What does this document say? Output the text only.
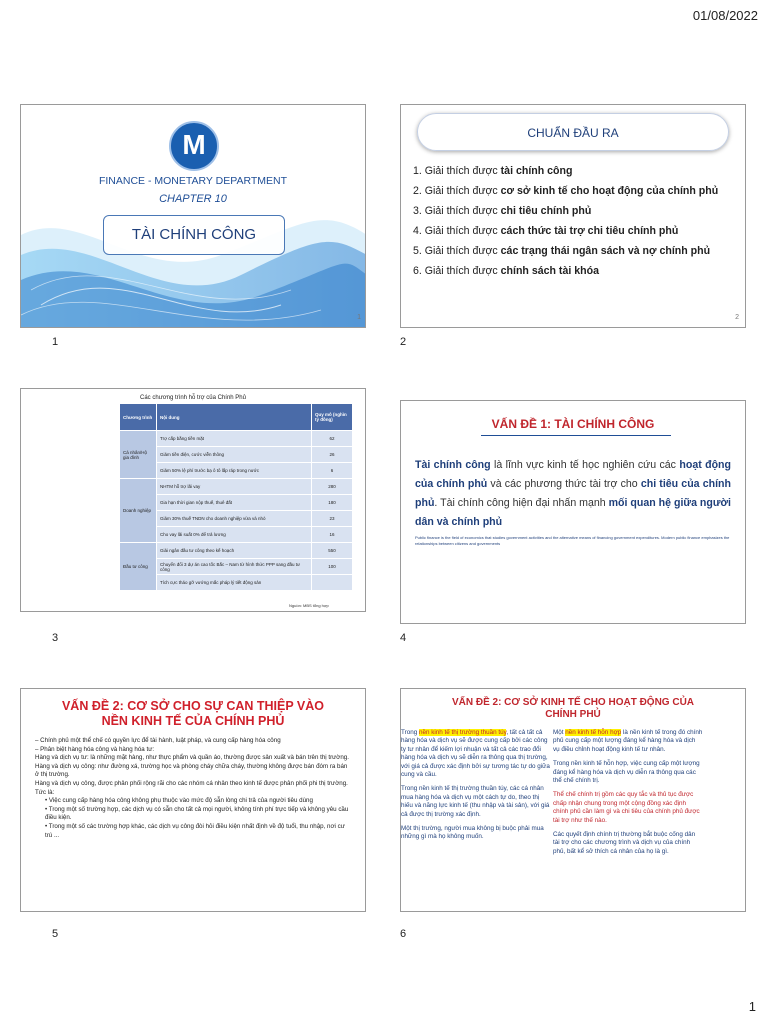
01/08/2022
M
FINANCE - MONETARY DEPARTMENT
CHAPTER 10
TÀI CHÍNH CÔNG
1
1
CHUẨN ĐẦU RA
1. Giải thích được tài chính công
2. Giải thích được cơ sở kinh tế cho hoạt động của chính phủ
3. Giải thích được chi tiêu chính phủ
4. Giải thích được cách thức tài trợ chi tiêu chính phủ
5. Giải thích được các trạng thái ngân sách và nợ chính phủ
6. Giải thích được chính sách tài khóa
2
2
Các chương trình hỗ trợ của Chính Phủ
Chương trình	Nội dung	Quy mô (nghìn tỷ đồng)
Cá nhân/Hộ gia đình	Trợ cấp bằng tiền mặt	62
	Giảm tiền điện, cước viễn thông	26
	Giảm 50% lệ phí trước bạ ô tô lắp ráp trong nước	6
Doanh nghiệp	NHTM hỗ trợ lãi vay	280
	Gia hạn thời gian nộp thuế, thuê đất	180
	Giảm 30% thuế TNDN cho doanh nghiệp vừa và nhỏ	23
	Cho vay lãi suất 0% để trả lương	16
Đầu tư công	Giải ngân đầu tư công theo kế hoạch	550
	Chuyển đổi 3 dự án cao tốc Bắc – Nam từ hình thức PPP sang đầu tư công	100
	Tích cực tháo gỡ vướng mắc pháp lý tiết động sản	
Nguồn: MBS tổng hợp
3
VẤN ĐỀ 1: TÀI CHÍNH CÔNG
Tài chính công là lĩnh vực kinh tế học nghiên cứu các hoạt động của chính phủ và các phương thức tài trợ cho chi tiêu của chính phủ. Tài chính công hiện đại nhấn mạnh mối quan hệ giữa người dân và chính phủ
Public finance is the field of economics that studies government activities and the alternative means of financing government expenditures. Modern public finance emphasizes the relationships between citizens and governments
4
VẤN ĐỀ 2: CƠ SỞ CHO SỰ CAN THIỆP VÀO
NỀN KINH TẾ CỦA CHÍNH PHỦ
– Chính phủ một thể chế có quyền lực để tài hành, luật pháp, và cung cấp hàng hóa công
– Phân biệt hàng hóa công và hàng hóa tư:
Hàng và dịch vụ tư: là những mặt hàng, như thực phẩm và quần áo, thường được sản xuất và bán trên thị trường.
Hàng và dịch vụ công: như đường xá, trường học và phòng cháy chữa cháy, thường không được bán đóm ra bán ở thị trường.
Hàng và dịch vụ công, được phân phối rộng rãi cho các nhóm cá nhân theo kinh tế được phân phối phi thị trường.
Tức là:
• Việc cung cấp hàng hóa công không phụ thuộc vào mức độ sẵn lòng chi trả của người tiêu dùng
• Trong một số trường hợp, các dịch vụ có sẵn cho tất cả mọi người, không tính phí trực tiếp và không yêu cầu điều kiện.
• Trong một số các trường hợp khác, các dịch vụ công đòi hỏi điều kiện nhất định về độ tuổi, thu nhập, nơi cư trú ...
5
VẤN ĐỀ 2: CƠ SỞ KINH TẾ CHO HOẠT ĐỘNG CỦA
CHÍNH PHỦ

Trong nền kinh tế thị trường thuần túy, tất cả tất cả hàng hóa và dịch vụ sẽ được cung cấp bởi các công ty tư nhân để kiếm lợi nhuận và tất cả các trao đổi hàng hóa và dịch vụ sẽ diễn ra thông qua thị trường, với giá cả được xác định bởi sự tương tác tự do giữa cung và cầu.

Trong nền kinh tế thị trường thuần túy, các cá nhân mua hàng hóa và dịch vụ một cách tự do, theo thị hiếu và năng lực kinh tế (thu nhập và tài sản), với giá cả được thị trường xác định.

Một thị trường, người mua không bị buộc phải mua những gì mà họ không muốn.

Một nền kinh tế hỗn hợp là nền kinh tế trong đó chính phủ cung cấp một lượng đáng kể hàng hóa và dịch vụ điều chỉnh hoạt động kinh tế tư nhân.

Trong nền kinh tế hỗn hợp, việc cung cấp một lượng đáng kể hàng hóa và dịch vụ diễn ra thông qua các thể chế chính trị.

Thể chế chính trị gồm các quy tắc và thủ tục được chấp nhận chung trong một cộng đồng xác định chính phủ cần làm gì và chi tiêu của chính phủ được tài trợ như thế nào.

Các quyết định chính trị thường bắt buộc cống dân tài trợ cho các chương trình và dịch vụ của chính phủ, bất kể sở thích cá nhân của họ là gì.

6
1
